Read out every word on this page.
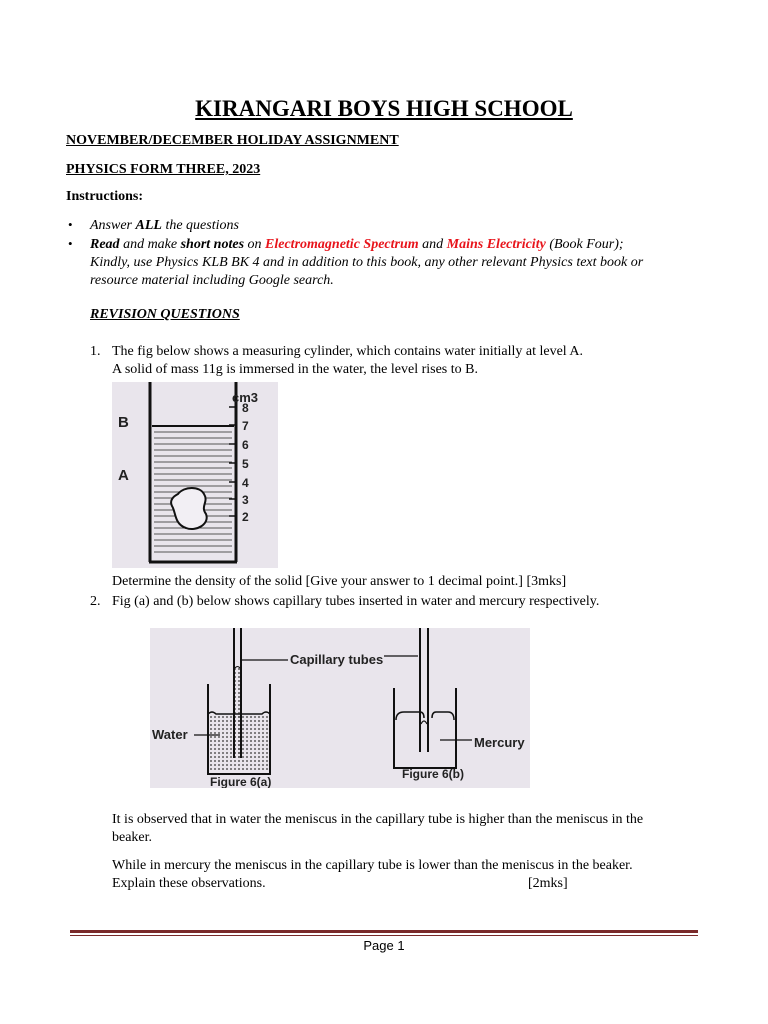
KIRANGARI BOYS HIGH SCHOOL
NOVEMBER/DECEMBER HOLIDAY ASSIGNMENT
PHYSICS FORM THREE, 2023
Instructions:
• Answer ALL the questions
• Read and make short notes on Electromagnetic Spectrum and Mains Electricity (Book Four);
Kindly, use Physics KLB BK 4 and in addition to this book, any other relevant Physics text book or
resource material including Google search.
REVISION QUESTIONS
1. The fig below shows a measuring cylinder, which contains water initially at level A.
A solid of mass 11g is immersed in the water, the level rises to B.
cm3
8
7
6
5
4
3
2
B
A
Determine the density of the solid [Give your answer to 1 decimal point.] [3mks]
2. Fig (a) and (b) below shows capillary tubes inserted in water and mercury respectively.
Capillary tubes
Water
Mercury
Figure 6(a)
Figure 6(b)
It is observed that in water the meniscus in the capillary tube is higher than the meniscus in the
beaker.
While in mercury the meniscus in the capillary tube is lower than the meniscus in the beaker.
Explain these observations.	[2mks]
Page 1
